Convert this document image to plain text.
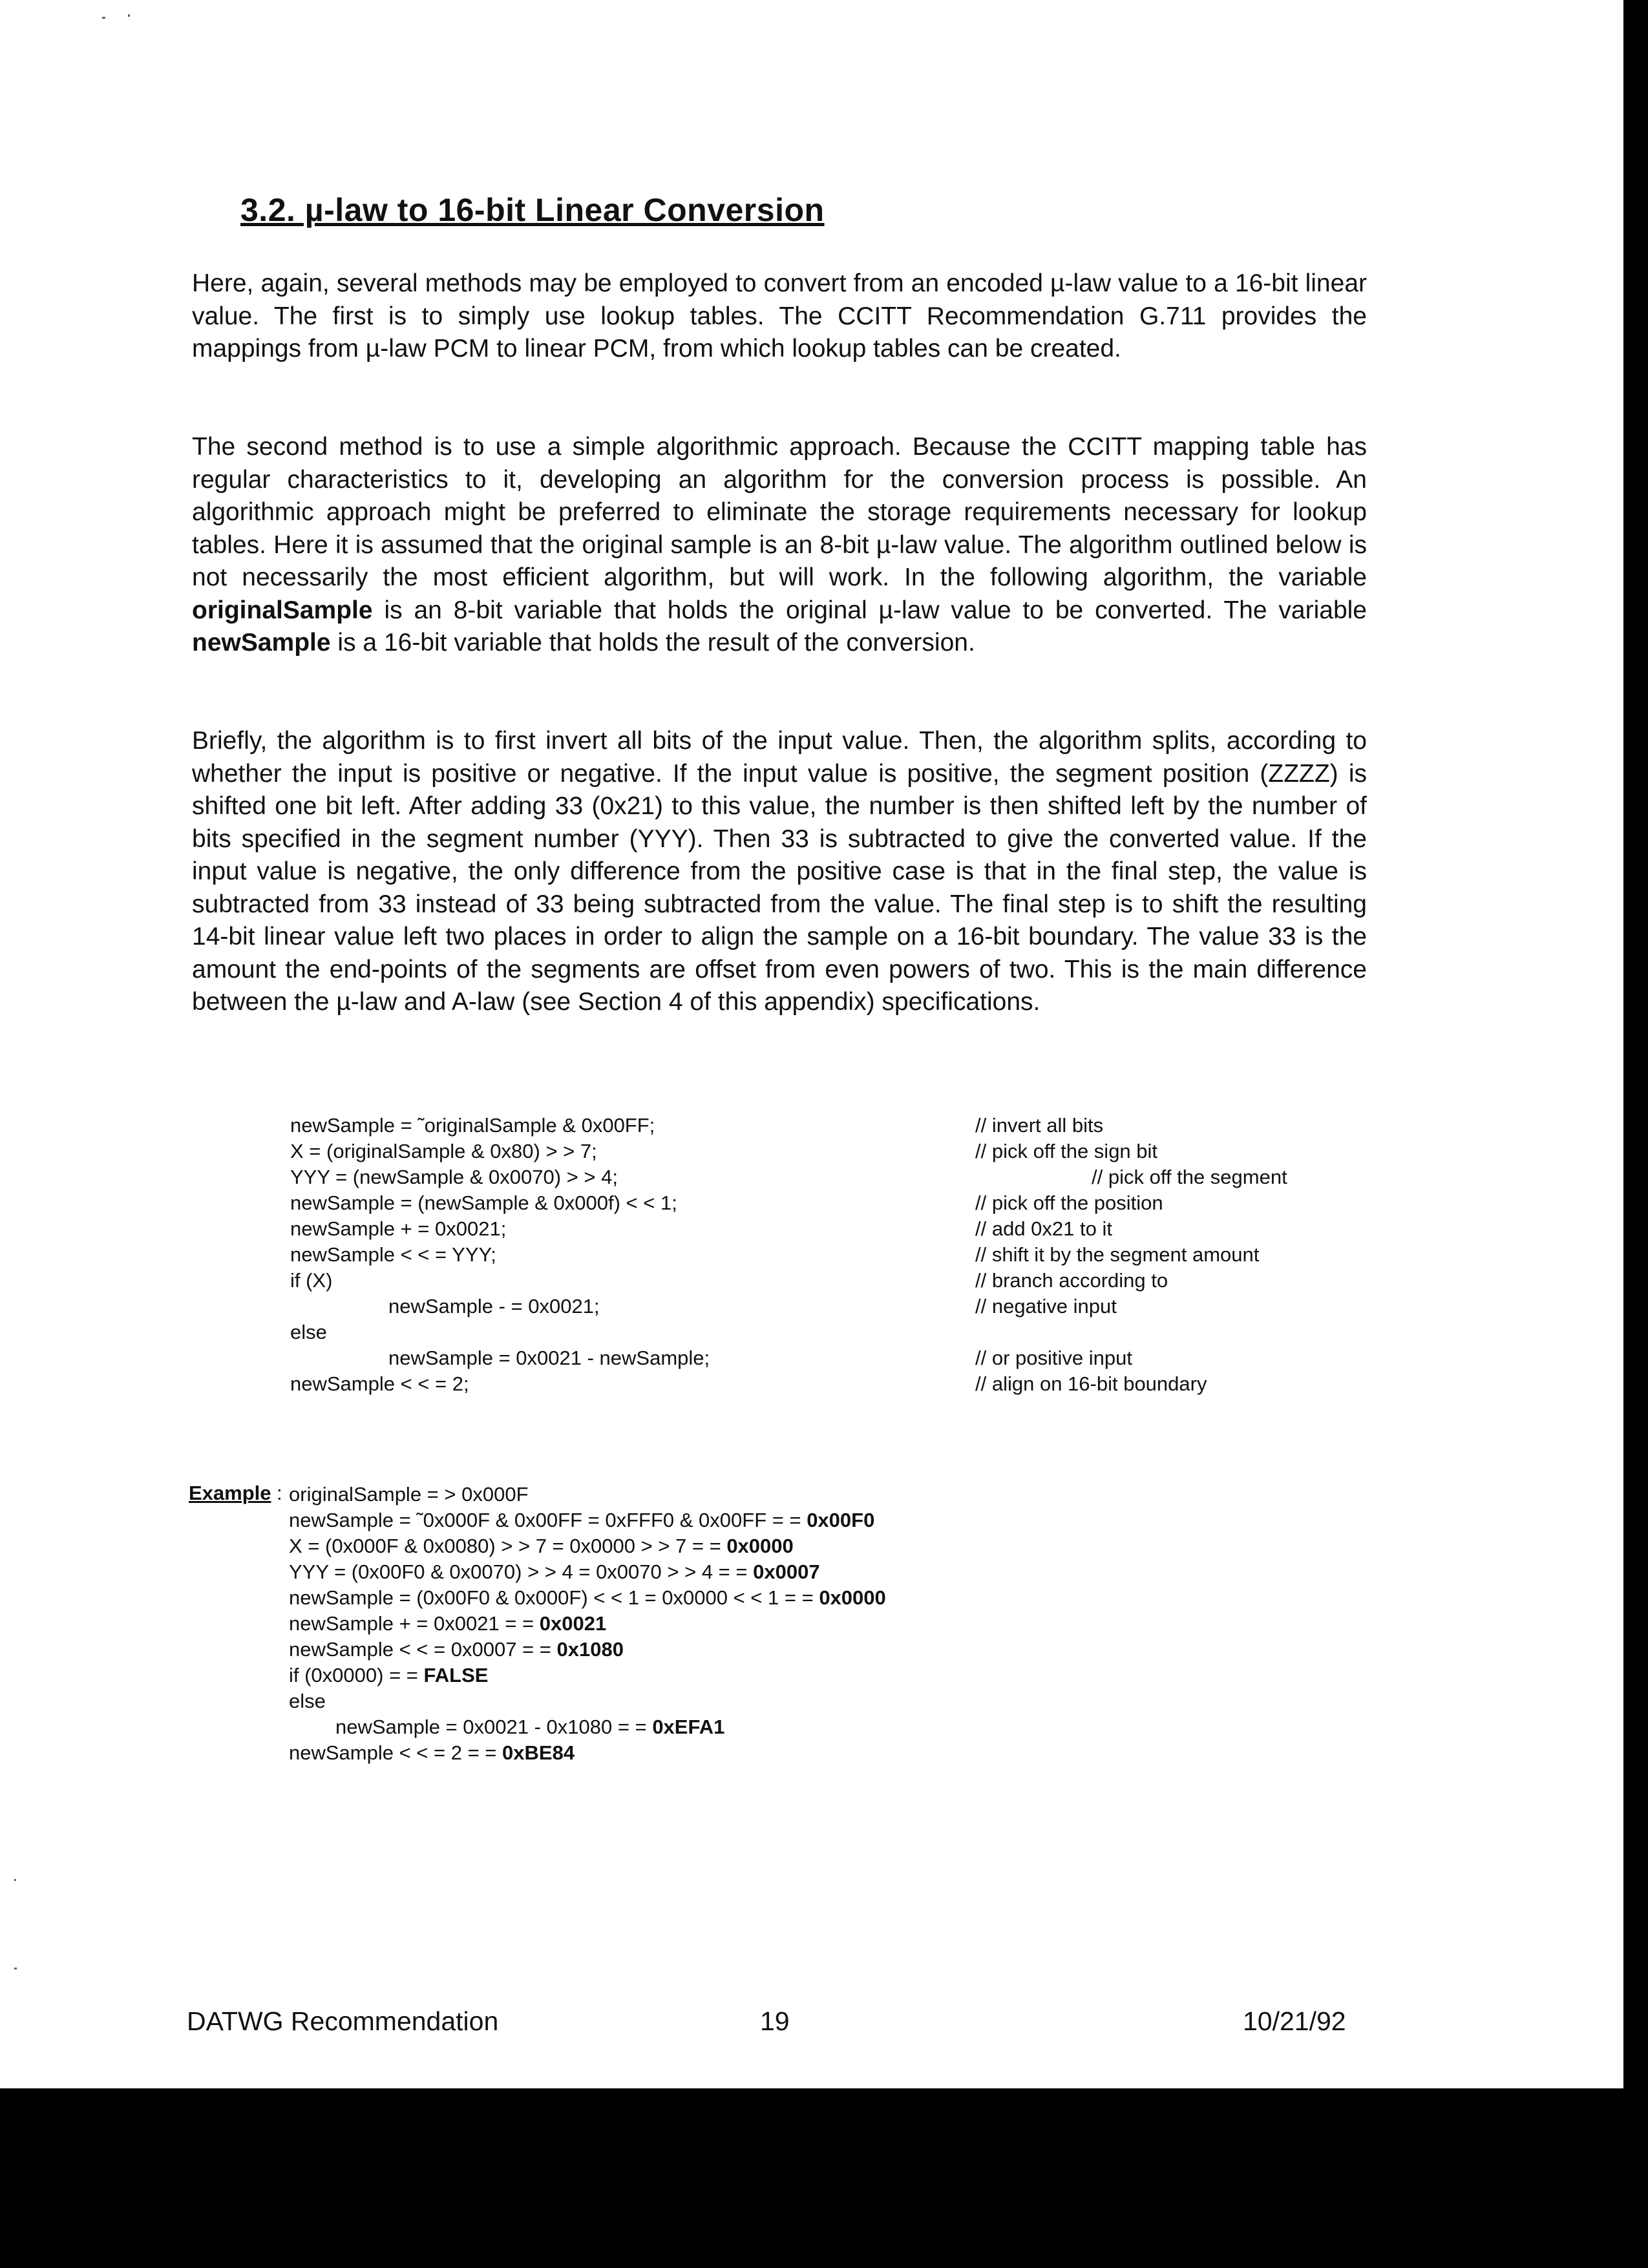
3.2. µ-law to 16-bit Linear Conversion

Here, again, several methods may be employed to convert from an encoded µ-law value to a 16-bit linear value. The first is to simply use lookup tables. The CCITT Recommendation G.711 provides the mappings from µ-law PCM to linear PCM, from which lookup tables can be created.

The second method is to use a simple algorithmic approach. Because the CCITT mapping table has regular characteristics to it, developing an algorithm for the conversion process is possible. An algorithmic approach might be preferred to eliminate the storage requirements necessary for lookup tables. Here it is assumed that the original sample is an 8-bit µ-law value. The algorithm outlined below is not necessarily the most efficient algorithm, but will work. In the following algorithm, the variable originalSample is an 8-bit variable that holds the original µ-law value to be converted. The variable newSample is a 16-bit variable that holds the result of the conversion.

Briefly, the algorithm is to first invert all bits of the input value. Then, the algorithm splits, according to whether the input is positive or negative. If the input value is positive, the segment position (ZZZZ) is shifted one bit left. After adding 33 (0x21) to this value, the number is then shifted left by the number of bits specified in the segment number (YYY). Then 33 is subtracted to give the converted value. If the input value is negative, the only difference from the positive case is that in the final step, the value is subtracted from 33 instead of 33 being subtracted from the value. The final step is to shift the resulting 14-bit linear value left two places in order to align the sample on a 16-bit boundary. The value 33 is the amount the end-points of the segments are offset from even powers of two. This is the main difference between the µ-law and A-law (see Section 4 of this appendix) specifications.

newSample = ˜originalSample & 0x00FF;
X = (originalSample & 0x80) > > 7;
YYY = (newSample & 0x0070) > > 4;
newSample = (newSample & 0x000f) < < 1;
newSample + = 0x0021;
newSample < < = YYY;
if (X)
newSample - = 0x0021;
else
newSample = 0x0021 - newSample;
newSample < < = 2;
// invert all bits
// pick off the sign bit
// pick off the segment
// pick off the position
// add 0x21 to it
// shift it by the segment amount
// branch according to
// negative input
// or positive input
// align on 16-bit boundary
Example : originalSample = > 0x000F
newSample = ˜0x000F & 0x00FF = 0xFFF0 & 0x00FF = = 0x00F0
X = (0x000F & 0x0080) > > 7 = 0x0000 > > 7 = = 0x0000
YYY = (0x00F0 & 0x0070) > > 4 = 0x0070 > > 4 = = 0x0007
newSample = (0x00F0 & 0x000F) < < 1 = 0x0000 < < 1 = = 0x0000
newSample + = 0x0021 = = 0x0021
newSample < < = 0x0007 = = 0x1080
if (0x0000) = = FALSE
else
newSample = 0x0021 - 0x1080 = = 0xEFA1
newSample < < = 2 = = 0xBE84
DATWG Recommendation	19	10/21/92
